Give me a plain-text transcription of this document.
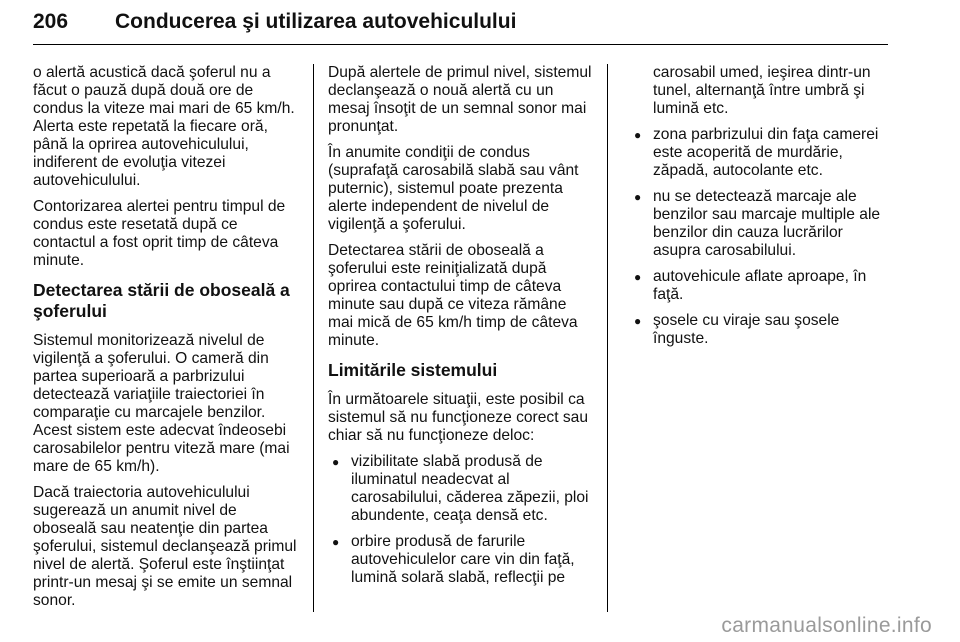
206 Conducerea şi utilizarea autovehiculului

o alertă acustică dacă şoferul nu a făcut o pauză după două ore de condus la viteze mai mari de 65 km/h. Alerta este repetată la fiecare oră, până la oprirea autovehiculului, indiferent de evoluţia vitezei autovehiculului.

Contorizarea alertei pentru timpul de condus este resetată după ce contactul a fost oprit timp de câteva minute.

Detectarea stării de oboseală a şoferului

Sistemul monitorizează nivelul de vigilenţă a şoferului. O cameră din partea superioară a parbrizului detectează variaţiile traiectoriei în comparaţie cu marcajele benzilor. Acest sistem este adecvat îndeosebi carosabilelor pentru viteză mare (mai mare de 65 km/h).

Dacă traiectoria autovehiculului sugerează un anumit nivel de oboseală sau neatenţie din partea şoferului, sistemul declanşează primul nivel de alertă. Şoferul este înştiinţat printr-un mesaj şi se emite un semnal sonor.

După alertele de primul nivel, sistemul declanşează o nouă alertă cu un mesaj însoţit de un semnal sonor mai pronunţat.

În anumite condiţii de condus (suprafaţă carosabilă slabă sau vânt puternic), sistemul poate prezenta alerte independent de nivelul de vigilenţă a şoferului.

Detectarea stării de oboseală a şoferului este reiniţializată după oprirea contactului timp de câteva minute sau după ce viteza rămâne mai mică de 65 km/h timp de câteva minute.

Limitările sistemului

În următoarele situaţii, este posibil ca sistemul să nu funcţioneze corect sau chiar să nu funcţioneze deloc:

● vizibilitate slabă produsă de iluminatul neadecvat al carosabilului, căderea zăpezii, ploi abundente, ceaţa densă etc.
● orbire produsă de farurile autovehiculelor care vin din faţă, lumină solară slabă, reflecţii pe
carosabil umed, ieşirea dintr-un tunel, alternanţă între umbră şi lumină etc.
● zona parbrizului din faţa camerei este acoperită de murdărie, zăpadă, autocolante etc.
● nu se detectează marcaje ale benzilor sau marcaje multiple ale benzilor din cauza lucrărilor asupra carosabilului.
● autovehicule aflate aproape, în faţă.
● şosele cu viraje sau şosele înguste.
carmanualsonline.info
